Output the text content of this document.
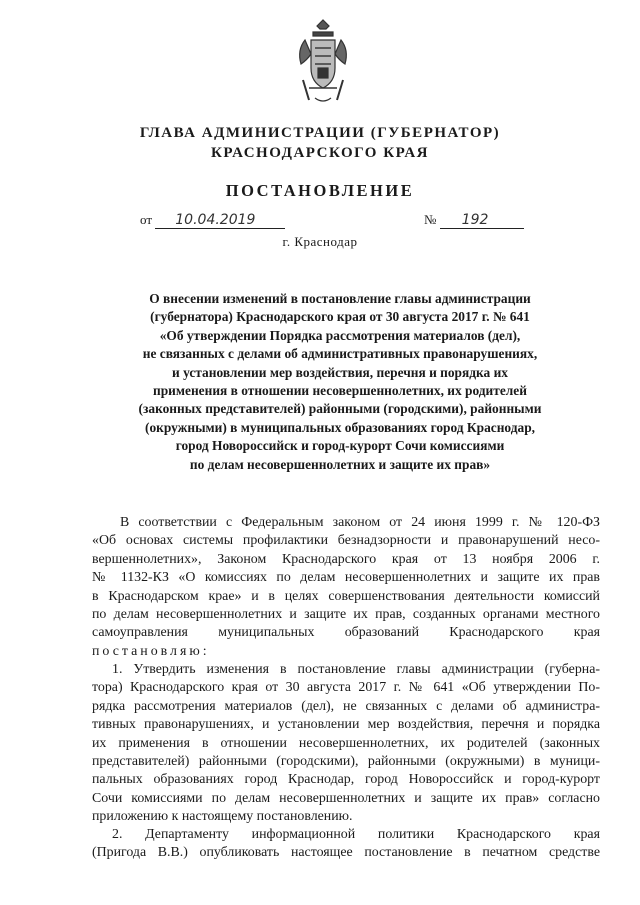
ГЛАВА АДМИНИСТРАЦИИ (ГУБЕРНАТОР)
КРАСНОДАРСКОГО КРАЯ
ПОСТАНОВЛЕНИЕ
от 10.04.2019	№ 192
г. Краснодар
О внесении изменений в постановление главы администрации
(губернатора) Краснодарского края от 30 августа 2017 г. № 641
«Об утверждении Порядка рассмотрения материалов (дел),
не связанных с делами об административных правонарушениях,
и установлении мер воздействия, перечня и порядка их
применения в отношении несовершеннолетних, их родителей
(законных представителей) районными (городскими), районными
(окружными) в муниципальных образованиях город Краснодар,
город Новороссийск и город-курорт Сочи комиссиями
по делам несовершеннолетних и защите их прав»
В соответствии с Федеральным законом от 24 июня 1999 г. № 120-ФЗ
«Об основах системы профилактики безнадзорности и правонарушений несо-
вершеннолетних», Законом Краснодарского края от 13 ноября 2006 г.
№ 1132-КЗ «О комиссиях по делам несовершеннолетних и защите их прав
в Краснодарском крае» и в целях совершенствования деятельности комиссий
по делам несовершеннолетних и защите их прав, созданных органами местного
самоуправления муниципальных образований Краснодарского края
постановляю:
1. Утвердить изменения в постановление главы администрации (губерна-
тора) Краснодарского края от 30 августа 2017 г. № 641 «Об утверждении По-
рядка рассмотрения материалов (дел), не связанных с делами об администра-
тивных правонарушениях, и установлении мер воздействия, перечня и порядка
их применения в отношении несовершеннолетних, их родителей (законных
представителей) районными (городскими), районными (окружными) в муници-
пальных образованиях город Краснодар, город Новороссийск и город-курорт
Сочи комиссиями по делам несовершеннолетних и защите их прав» согласно
приложению к настоящему постановлению.
2. Департаменту информационной политики Краснодарского края
(Пригода В.В.) опубликовать настоящее постановление в печатном средстве
